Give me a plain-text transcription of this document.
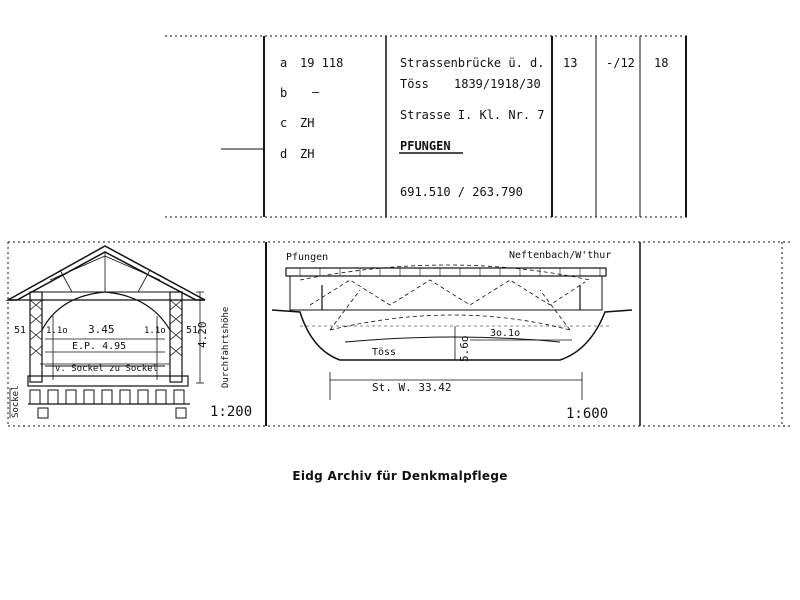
a 19 118
b —
c ZH
d ZH
Strassenbrücke ü. d.
Töss 1839/1918/30
Strasse I. Kl. Nr. 7
PFUNGEN
691.510 / 263.790
13 -/12 18
51 1.1o 3.45	1.1o 51
E.P. 4.95
v. Sockel zu Sockel
4.20 Durchfahrtshöhe
Sockel	1:200
Pfungen	Neftenbach/W'thur
Töss	5.6o
3o.1o
St. W. 33.42
1:600
Eidg Archiv für Denkmalpflege
